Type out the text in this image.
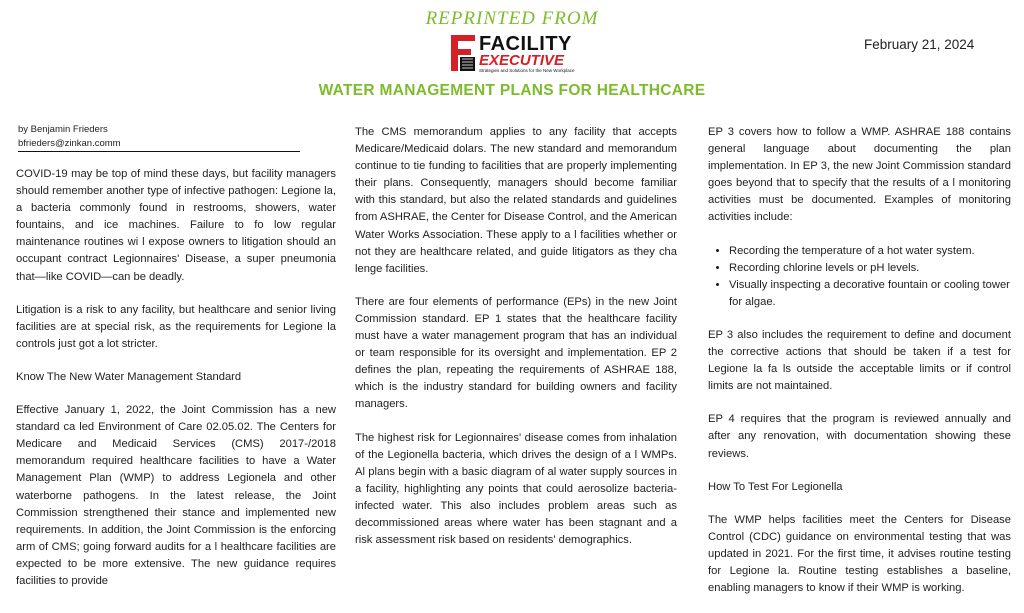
REPRINTED FROM
FACILITY
EXECUTIVE
Strategies and Solutions for the New Workplace
February 21, 2024
WATER MANAGEMENT PLANS FOR HEALTHCARE
by Benjamin Frieders
bfrieders@zinkan.comm

COVID-19 may be top of mind these days, but facility managers should remember another type of infective pathogen: Legione la, a bacteria commonly found in restrooms, showers, water fountains, and ice machines. Failure to fo low regular maintenance routines wi l expose owners to litigation should an occupant contract Legionnaires' Disease, a super pneumonia that—like COVID—can be deadly.

Litigation is a risk to any facility, but healthcare and senior living facilities are at special risk, as the requirements for Legione la controls just got a lot stricter.

Know The New Water Management Standard

Effective January 1, 2022, the Joint Commission has a new standard ca led Environment of Care 02.05.02. The Centers for Medicare and Medicaid Services (CMS) 2017-/2018 memorandum required healthcare facilities to have a Water Management Plan (WMP) to address Legionela and other waterborne pathogens. In the latest release, the Joint Commission strengthened their stance and implemented new requirements. In addition, the Joint Commission is the enforcing arm of CMS; going forward audits for a l healthcare facilities are expected to be more extensive. The new guidance requires facilities to provide

The CMS memorandum applies to any facility that accepts Medicare/Medicaid dolars. The new standard and memorandum continue to tie funding to facilities that are properly implementing their plans. Consequently, managers should become familiar with this standard, but also the related standards and guidelines from ASHRAE, the Center for Disease Control, and the American Water Works Association. These apply to a l facilities whether or not they are healthcare related, and guide litigators as they cha lenge facilities.

There are four elements of performance (EPs) in the new Joint Commission standard. EP 1 states that the healthcare facility must have a water management program that has an individual or team responsible for its oversight and implementation. EP 2 defines the plan, repeating the requirements of ASHRAE 188, which is the industry standard for building owners and facility managers.

The highest risk for Legionnaires' disease comes from inhalation of the Legionella bacteria, which drives the design of a l WMPs. Al plans begin with a basic diagram of al water supply sources in a facility, highlighting any points that could aerosolize bacteria-infected water. This also includes problem areas such as decommissioned areas where water has been stagnant and a risk assessment risk based on residents' demographics.

EP 3 covers how to follow a WMP. ASHRAE 188 contains general language about documenting the plan implementation. In EP 3, the new Joint Commission standard goes beyond that to specify that the results of a l monitoring activities must be documented. Examples of monitoring activities include:

• Recording the temperature of a hot water system.
• Recording chlorine levels or pH levels.
• Visually inspecting a decorative fountain or cooling tower for algae.

EP 3 also includes the requirement to define and document the corrective actions that should be taken if a test for Legione la fa ls outside the acceptable limits or if control limits are not maintained.

EP 4 requires that the program is reviewed annually and after any renovation, with documentation showing these reviews.

How To Test For Legionella

The WMP helps facilities meet the Centers for Disease Control (CDC) guidance on environmental testing that was updated in 2021. For the first time, it advises routine testing for Legione la. Routine testing establishes a baseline, enabling managers to know if their WMP is working.
